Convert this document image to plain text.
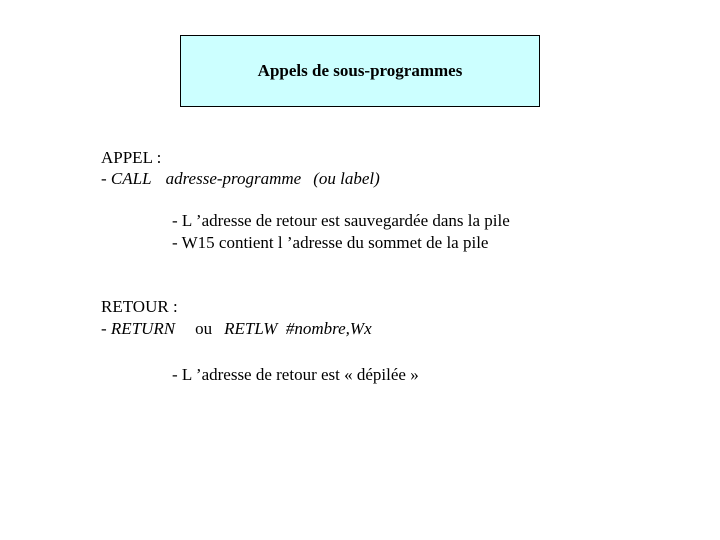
Appels de sous-programmes
APPEL :
- CALL adresse-programme (ou label)
- L ’adresse de retour est sauvegardée dans la pile
- W15 contient l ’adresse du sommet de la pile
RETOUR :
- RETURN ou RETLW  #nombre,Wx
- L ’adresse de retour est « dépilée »
